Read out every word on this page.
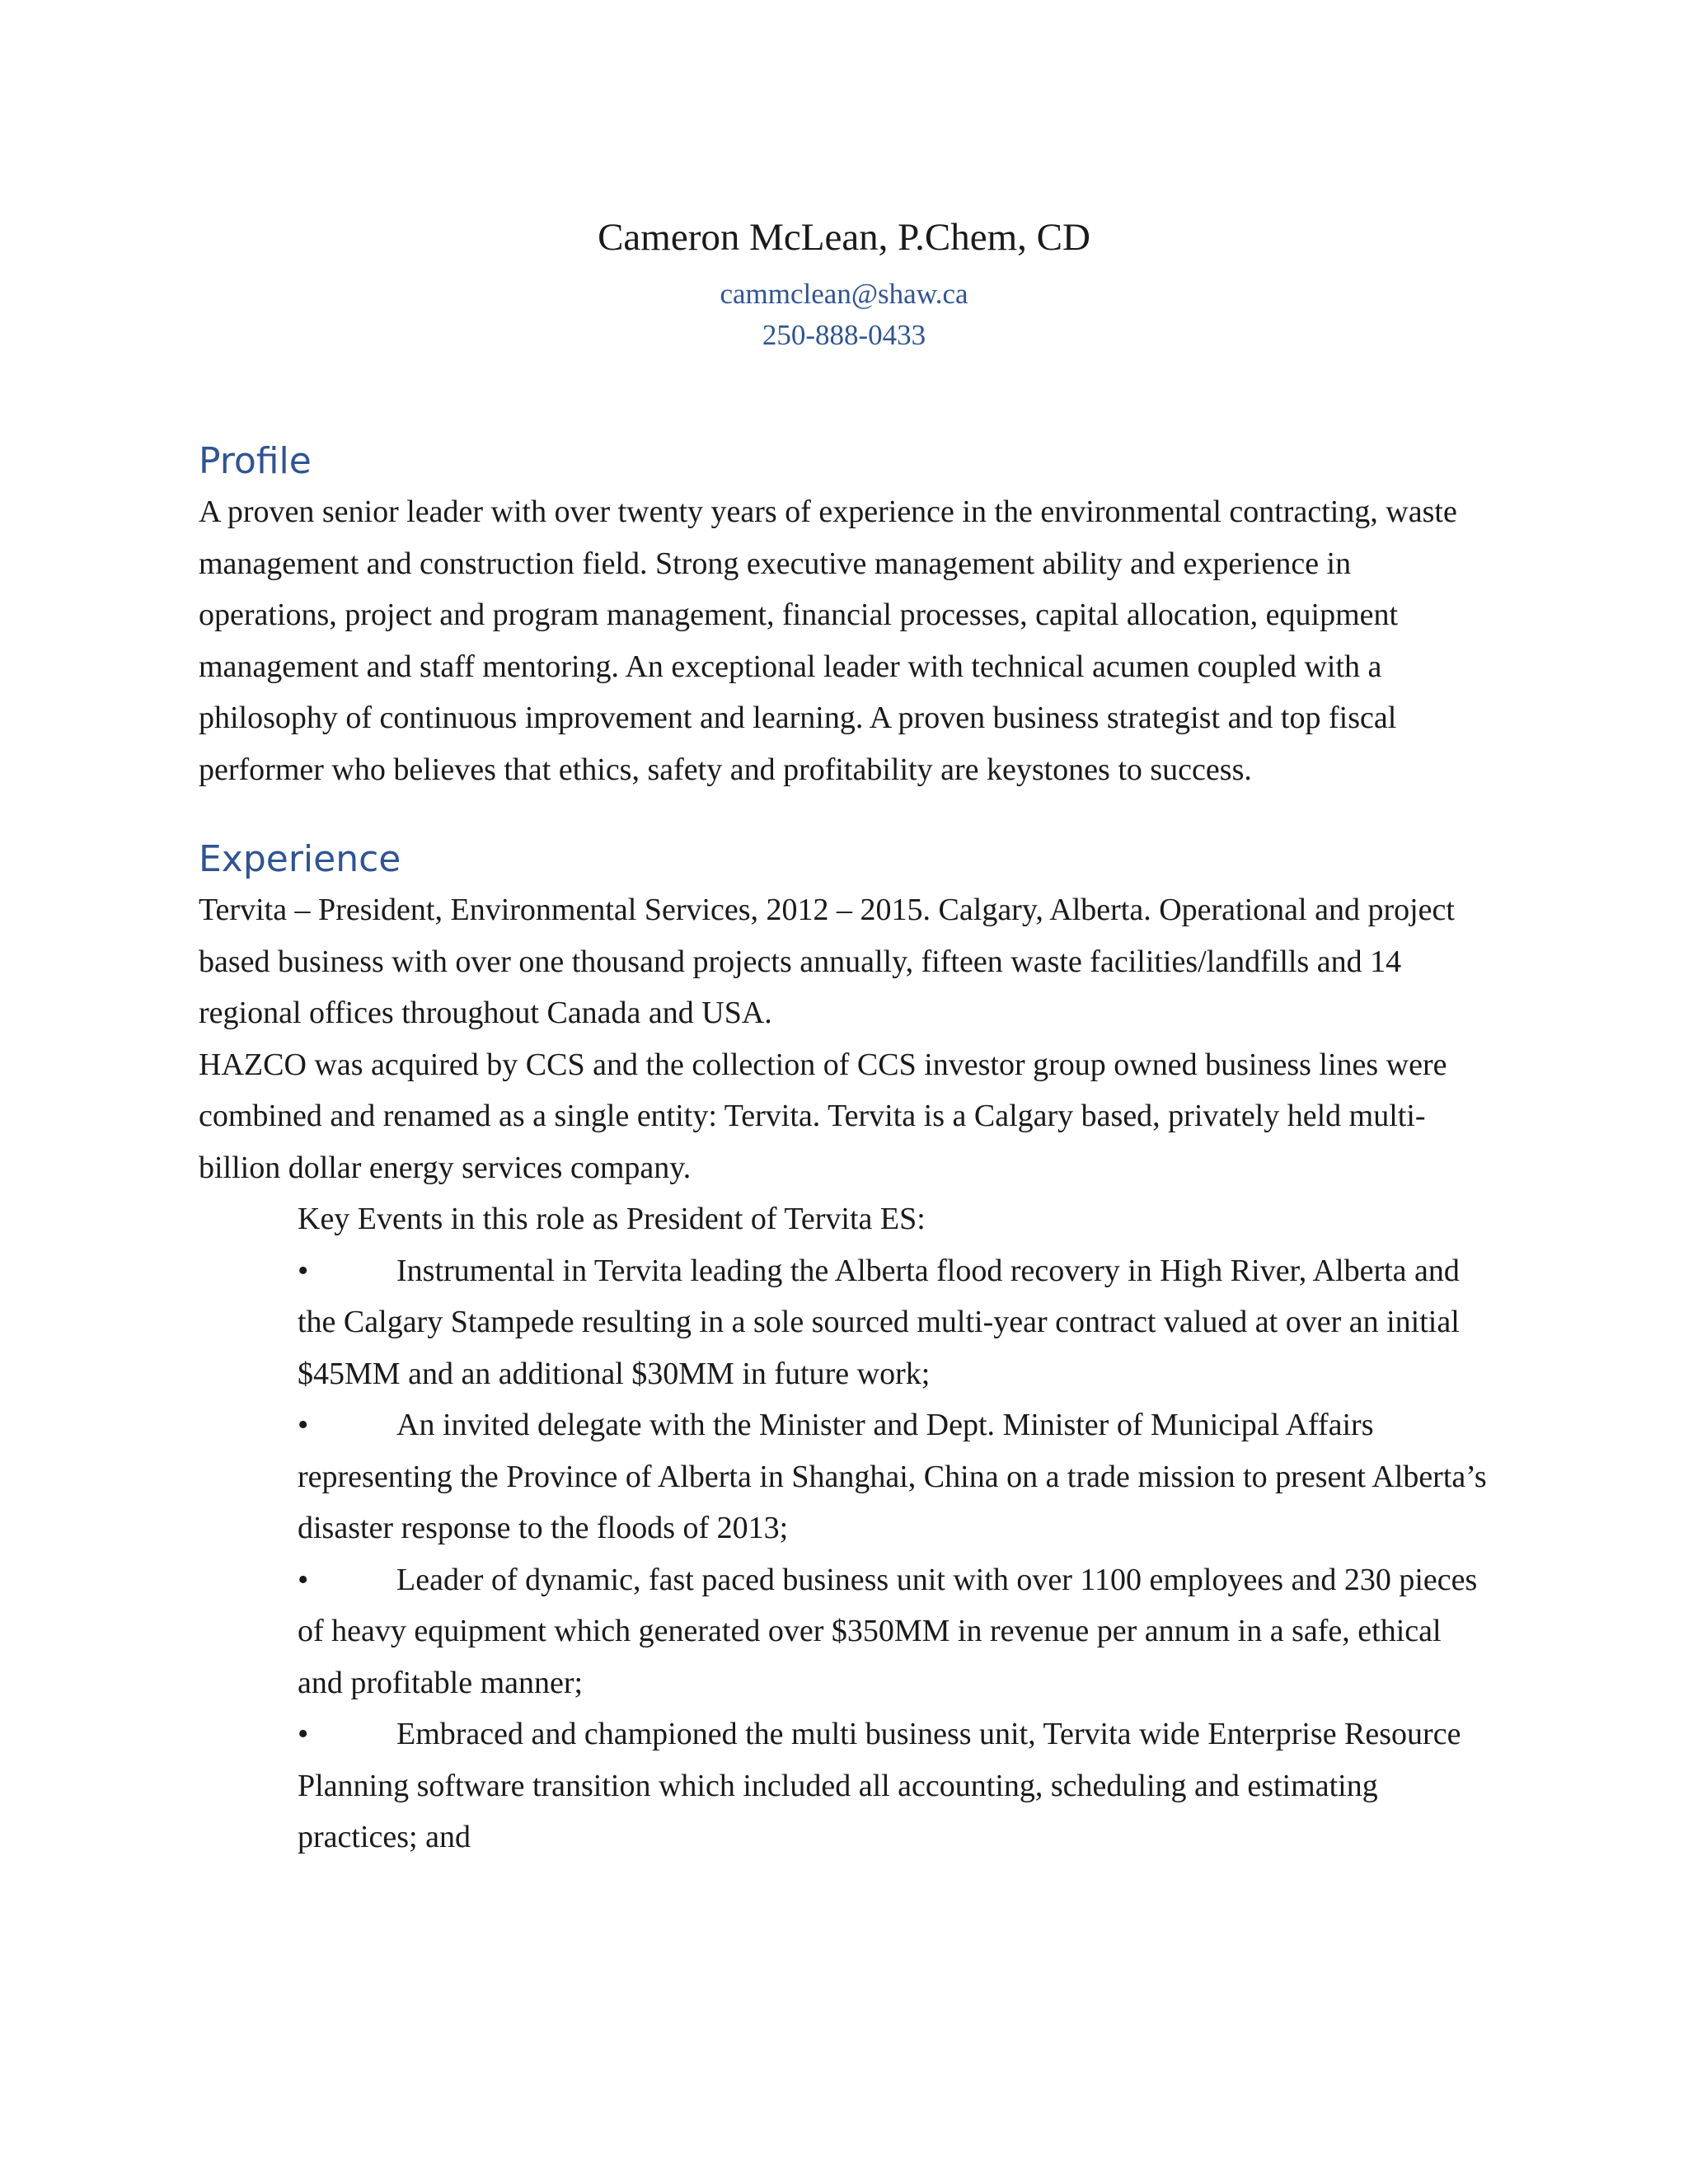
Cameron McLean, P.Chem, CD

cammclean@shaw.ca
250-888-0433
Profile

A proven senior leader with over twenty years of experience in the environmental contracting, waste management and construction field. Strong executive management ability and experience in operations, project and program management, financial processes, capital allocation, equipment management and staff mentoring. An exceptional leader with technical acumen coupled with a philosophy of continuous improvement and learning. A proven business strategist and top fiscal performer who believes that ethics, safety and profitability are keystones to success.

Experience

Tervita – President, Environmental Services, 2012 – 2015. Calgary, Alberta. Operational and project based business with over one thousand projects annually, fifteen waste facilities/landfills and 14 regional offices throughout Canada and USA.

HAZCO was acquired by CCS and the collection of CCS investor group owned business lines were combined and renamed as a single entity: Tervita. Tervita is a Calgary based, privately held multi-billion dollar energy services company.

Key Events in this role as President of Tervita ES:

•	Instrumental in Tervita leading the Alberta flood recovery in High River, Alberta and the Calgary Stampede resulting in a sole sourced multi-year contract valued at over an initial $45MM and an additional $30MM in future work;

•	An invited delegate with the Minister and Dept. Minister of Municipal Affairs representing the Province of Alberta in Shanghai, China on a trade mission to present Alberta’s disaster response to the floods of 2013;

•	Leader of dynamic, fast paced business unit with over 1100 employees and 230 pieces of heavy equipment which generated over $350MM in revenue per annum in a safe, ethical and profitable manner;

•	Embraced and championed the multi business unit, Tervita wide Enterprise Resource Planning software transition which included all accounting, scheduling and estimating practices; and
